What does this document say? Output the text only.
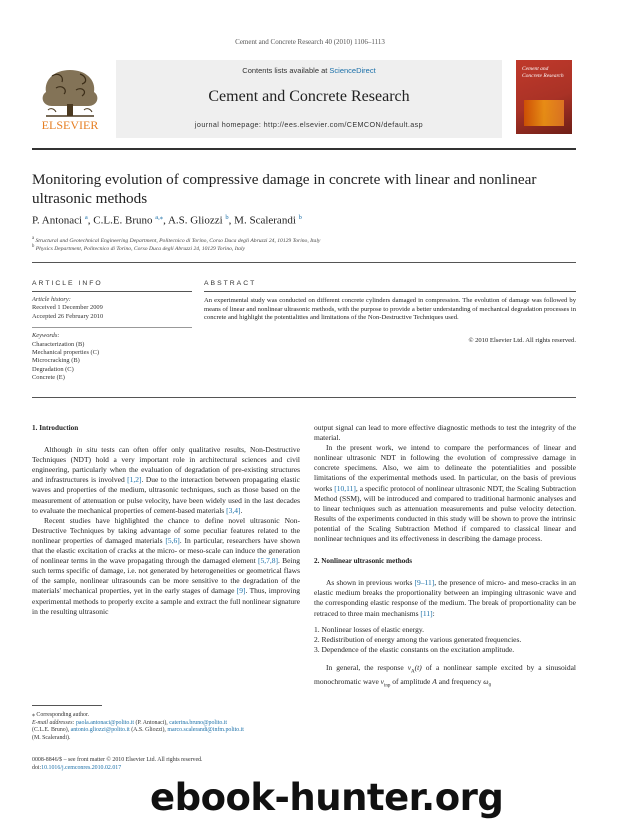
Cement and Concrete Research 40 (2010) 1106–1113
ELSEVIER
Contents lists available at ScienceDirect
Cement and Concrete Research
journal homepage: http://ees.elsevier.com/CEMCON/default.asp
Cement and Concrete Research
Monitoring evolution of compressive damage in concrete with linear and nonlinear ultrasonic methods
P. Antonaci $^a$, C.L.E. Bruno $^{a,⁎}$, A.S. Gliozzi $^b$, M. Scalerandi $^b$
$^a$ Structural and Geotechnical Engineering Department, Politecnico di Torino, Corso Duca degli Abruzzi 24, 10129 Torino, Italy
$^b$ Physics Department, Politecnico di Torino, Corso Duca degli Abruzzi 24, 10129 Torino, Italy
ARTICLE INFO	ABSTRACT
Article history:
Received 1 December 2009
Accepted 26 February 2010
Keywords:
Characterization (B)
Mechanical properties (C)
Microcracking (B)
Degradation (C)
Concrete (E)
An experimental study was conducted on different concrete cylinders damaged in compression. The evolution of damage was followed by means of linear and nonlinear ultrasonic methods, with the purpose to provide a better understanding of mechanical degradation processes in concrete and highlight the potentialities and limitations of the Non-Destructive Techniques used.
© 2010 Elsevier Ltd. All rights reserved.
1. Introduction

Although in situ tests can often offer only qualitative results, Non-Destructive Techniques (NDT) hold a very important role in architectural sciences and civil engineering, particularly when the evaluation of degradation of pre-existing structures and infrastructures is involved [1,2]. Due to the interaction between propagating elastic waves and properties of the medium, ultrasonic techniques, such as those based on the measurement of attenuation or pulse velocity, have been widely used in the last decades to evaluate the mechanical properties of cement-based materials [3,4].

Recent studies have highlighted the chance to define novel ultrasonic Non-Destructive Techniques by taking advantage of some peculiar features related to the nonlinear properties of damaged materials [5,6]. In particular, researchers have shown that the elastic excitation of cracks at the micro- or meso-scale can induce the generation of nonlinear terms in the wave propagating through the damaged element [5,7,8]. Being such terms specific of damage, i.e. not generated by heterogeneities or geometrical flaws of the sample, nonlinear ultrasounds can be more sensitive to the degradation of the materials' mechanical properties, yet in the early stages of damage [9]. Thus, improving experimental methods to properly excite a sample and extract the full nonlinear signature in the resulting ultrasonic

output signal can lead to more effective diagnostic methods to test the integrity of the material.

In the present work, we intend to compare the performances of linear and nonlinear ultrasonic NDT in following the evolution of compressive damage in concrete specimens. Also, we aim to delineate the potentialities and possible limitations of the experimental methods used. In particular, on the basis of previous works [10,11], a specific protocol of nonlinear ultrasonic NDT, the Scaling Subtraction Method (SSM), will be introduced and compared to traditional harmonic analyses and to linear techniques such as attenuation measurements and pulse velocity detection. Results of the experiments conducted in this study will be shown to prove the intrinsic potential of the Scaling Subtraction Method if compared to classical linear and nonlinear techniques and its effectiveness in describing the damage process.

2. Nonlinear ultrasonic methods

As shown in previous works [9–11], the presence of micro- and meso-cracks in an elastic medium breaks the proportionality between an impinging ultrasonic wave and the corresponding elastic response of the medium. The break of proportionality can be retraced to three main mechanisms [11]:

1. Nonlinear losses of elastic energy.
2. Redistribution of energy among the various generated frequencies.
3. Dependence of the elastic constants on the excitation amplitude.

In general, the response $v_A(t)$ of a nonlinear sample excited by a sinusoidal monochromatic wave $v_{inp}$ of amplitude A and frequency $\omega_0$

⁎ Corresponding author.
E-mail addresses: paola.antonaci@polito.it (P. Antonaci), caterina.bruno@polito.it
(C.L.E. Bruno), antonio.gliozzi@polito.it (A.S. Gliozzi), marco.scalerandi@infm.polito.it
(M. Scalerandi).
0008-8846/$ – see front matter © 2010 Elsevier Ltd. All rights reserved.
doi:10.1016/j.cemconres.2010.02.017
ebook-hunter.org
